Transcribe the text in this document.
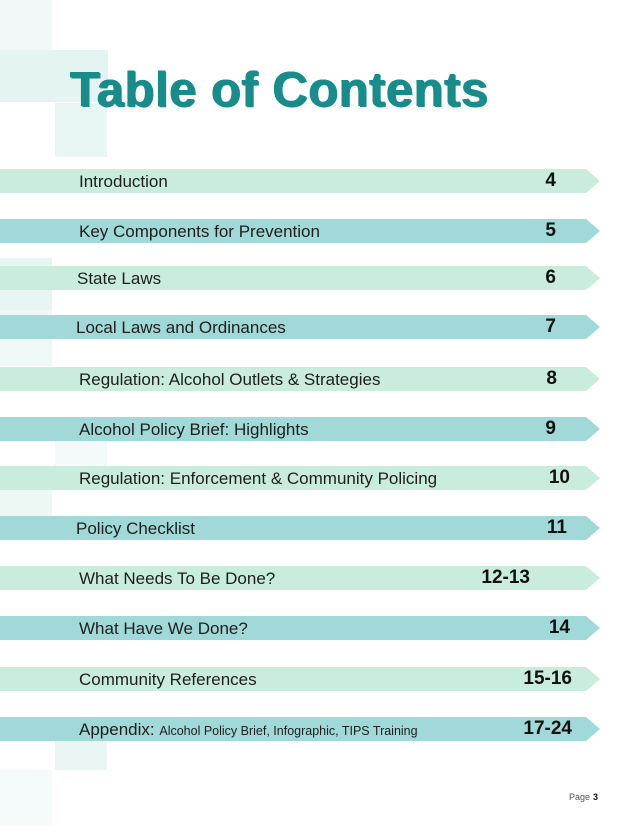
Table of Contents
Introduction	4
Key Components for Prevention	5
State Laws	6
Local Laws and Ordinances	7
Regulation: Alcohol Outlets & Strategies	8
Alcohol Policy Brief: Highlights	9
Regulation: Enforcement & Community Policing	10
Policy Checklist	11
What Needs To Be Done?	12-13
What Have We Done?	14
Community References	15-16
Appendix: Alcohol Policy Brief, Infographic, TIPS Training	17-24
Page 3
